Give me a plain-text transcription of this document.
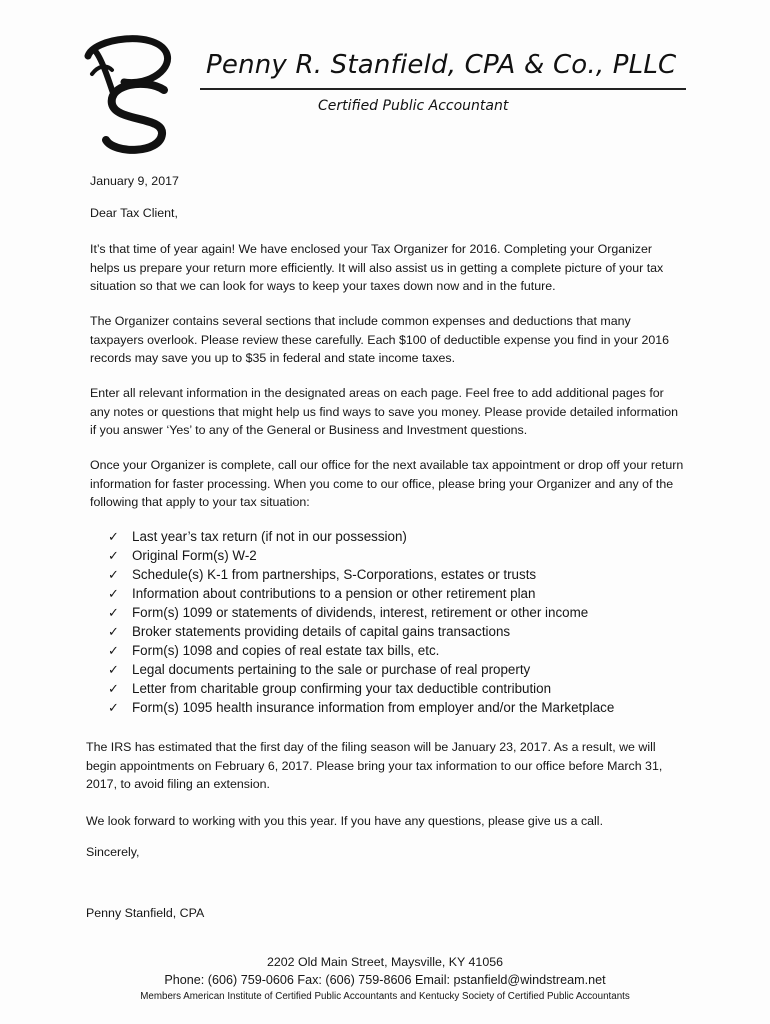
Penny R. Stanfield, CPA & Co., PLLC
Certified Public Accountant
January 9, 2017
Dear Tax Client,

It’s that time of year again! We have enclosed your Tax Organizer for 2016. Completing your Organizer helps us prepare your return more efficiently. It will also assist us in getting a complete picture of your tax situation so that we can look for ways to keep your taxes down now and in the future.

The Organizer contains several sections that include common expenses and deductions that many taxpayers overlook. Please review these carefully. Each $100 of deductible expense you find in your 2016 records may save you up to $35 in federal and state income taxes.

Enter all relevant information in the designated areas on each page. Feel free to add additional pages for any notes or questions that might help us find ways to save you money. Please provide detailed information if you answer ‘Yes’ to any of the General or Business and Investment questions.

Once your Organizer is complete, call our office for the next available tax appointment or drop off your return information for faster processing. When you come to our office, please bring your Organizer and any of the following that apply to your tax situation:

✓ Last year’s tax return (if not in our possession)
✓ Original Form(s) W-2
✓ Schedule(s) K-1 from partnerships, S-Corporations, estates or trusts
✓ Information about contributions to a pension or other retirement plan
✓ Form(s) 1099 or statements of dividends, interest, retirement or other income
✓ Broker statements providing details of capital gains transactions
✓ Form(s) 1098 and copies of real estate tax bills, etc.
✓ Legal documents pertaining to the sale or purchase of real property
✓ Letter from charitable group confirming your tax deductible contribution
✓ Form(s) 1095 health insurance information from employer and/or the Marketplace

The IRS has estimated that the first day of the filing season will be January 23, 2017. As a result, we will begin appointments on February 6, 2017. Please bring your tax information to our office before March 31, 2017, to avoid filing an extension.

We look forward to working with you this year. If you have any questions, please give us a call.

Sincerely,
Penny Stanfield, CPA
2202 Old Main Street, Maysville, KY 41056
Phone: (606) 759-0606 Fax: (606) 759-8606 Email: pstanfield@windstream.net
Members American Institute of Certified Public Accountants and Kentucky Society of Certified Public Accountants
